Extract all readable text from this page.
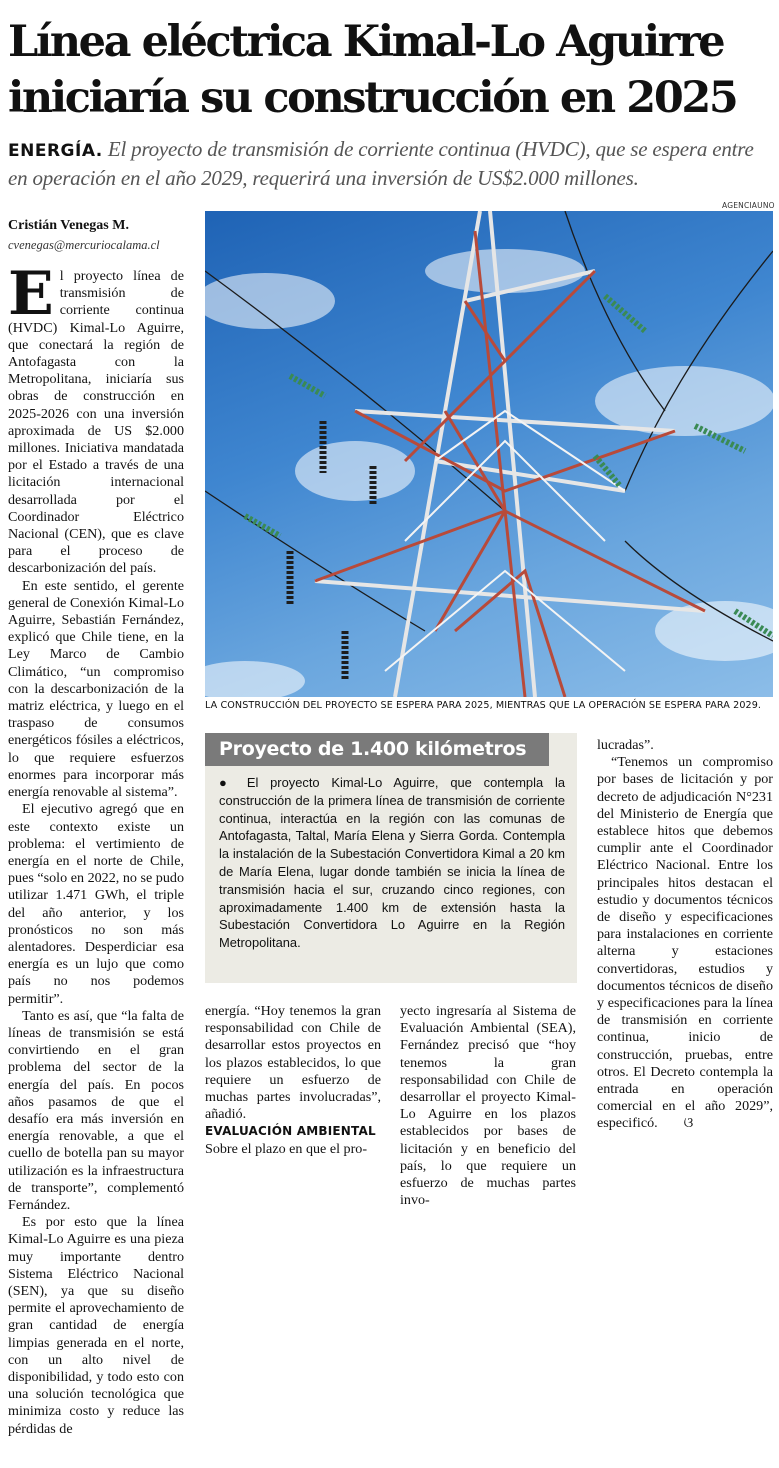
Línea eléctrica Kimal-Lo Aguirre
iniciaría su construcción en 2025
ENERGÍA. El proyecto de transmisión de corriente continua (HVDC), que se espera entre en operación en el año 2029, requerirá una inversión de US$2.000 millones.
Cristián Venegas M.
cvenegas@mercuriocalama.cl

El proyecto línea de transmisión de corriente continua (HVDC) Kimal-Lo Aguirre, que conectará la región de Antofagasta con la Metropolitana, iniciaría sus obras de construcción en 2025-2026 con una inversión aproximada de US $2.000 millones. Iniciativa mandatada por el Estado a través de una licitación internacional desarrollada por el Coordinador Eléctrico Nacional (CEN), que es clave para el proceso de descarbonización del país.

En este sentido, el gerente general de Conexión Kimal-Lo Aguirre, Sebastián Fernández, explicó que Chile tiene, en la Ley Marco de Cambio Climático, “un compromiso con la descarbonización de la matriz eléctrica, y luego en el traspaso de consumos energéticos fósiles a eléctricos, lo que requiere esfuerzos enormes para incorporar más energía renovable al sistema”.

El ejecutivo agregó que en este contexto existe un problema: el vertimiento de energía en el norte de Chile, pues “solo en 2022, no se pudo utilizar 1.471 GWh, el triple del año anterior, y los pronósticos no son más alentadores. Desperdiciar esa energía es un lujo que como país no nos podemos permitir”.

Tanto es así, que “la falta de líneas de transmisión se está convirtiendo en el gran problema del sector de la energía del país. En pocos años pasamos de que el desafío era más inversión en energía renovable, a que el cuello de botella pan su mayor utilización es la infraestructura de transporte”, complementó Fernández.

Es por esto que la línea Kimal-Lo Aguirre es una pieza muy importante dentro Sistema Eléctrico Nacional (SEN), ya que su diseño permite el aprovechamiento de gran cantidad de energía limpias generada en el norte, con un alto nivel de disponibilidad, y todo esto con una solución tecnológica que minimiza costo y reduce las pérdidas de

AGENCIAUNO
LA CONSTRUCCIÓN DEL PROYECTO SE ESPERA PARA 2025, MIENTRAS QUE LA OPERACIÓN SE ESPERA PARA 2029.
Proyecto de 1.400 kilómetros
● El proyecto Kimal-Lo Aguirre, que contempla la construcción de la primera línea de transmisión de corriente continua, interactúa en la región con las comunas de Antofagasta, Taltal, María Elena y Sierra Gorda. Contempla la instalación de la Subestación Convertidora Kimal a 20 km de María Elena, lugar donde también se inicia la línea de transmisión hacia el sur, cruzando cinco regiones, con aproximadamente 1.400 km de extensión hasta la Subestación Convertidora Lo Aguirre en la Región Metropolitana.

energía. “Hoy tenemos la gran responsabilidad con Chile de desarrollar estos proyectos en los plazos establecidos, lo que requiere un esfuerzo de muchas partes involucradas”, añadió.

EVALUACIÓN AMBIENTAL

Sobre el plazo en que el pro-

yecto ingresaría al Sistema de Evaluación Ambiental (SEA), Fernández precisó que “hoy tenemos la gran responsabilidad con Chile de desarrollar el proyecto Kimal-Lo Aguirre en los plazos establecidos por bases de licitación y en beneficio del país, lo que requiere un esfuerzo de muchas partes invo-

lucradas”.

“Tenemos un compromiso por bases de licitación y por decreto de adjudicación N°231 del Ministerio de Energía que establece hitos que debemos cumplir ante el Coordinador Eléctrico Nacional. Entre los principales hitos destacan el estudio y documentos técnicos de diseño y especificaciones para instalaciones en corriente alterna y estaciones convertidoras, estudios y documentos técnicos de diseño y especificaciones para la línea de transmisión en corriente continua, inicio de construcción, pruebas, entre otros. El Decreto contempla la entrada en operación comercial en el año 2029”, especificó. ଓ
